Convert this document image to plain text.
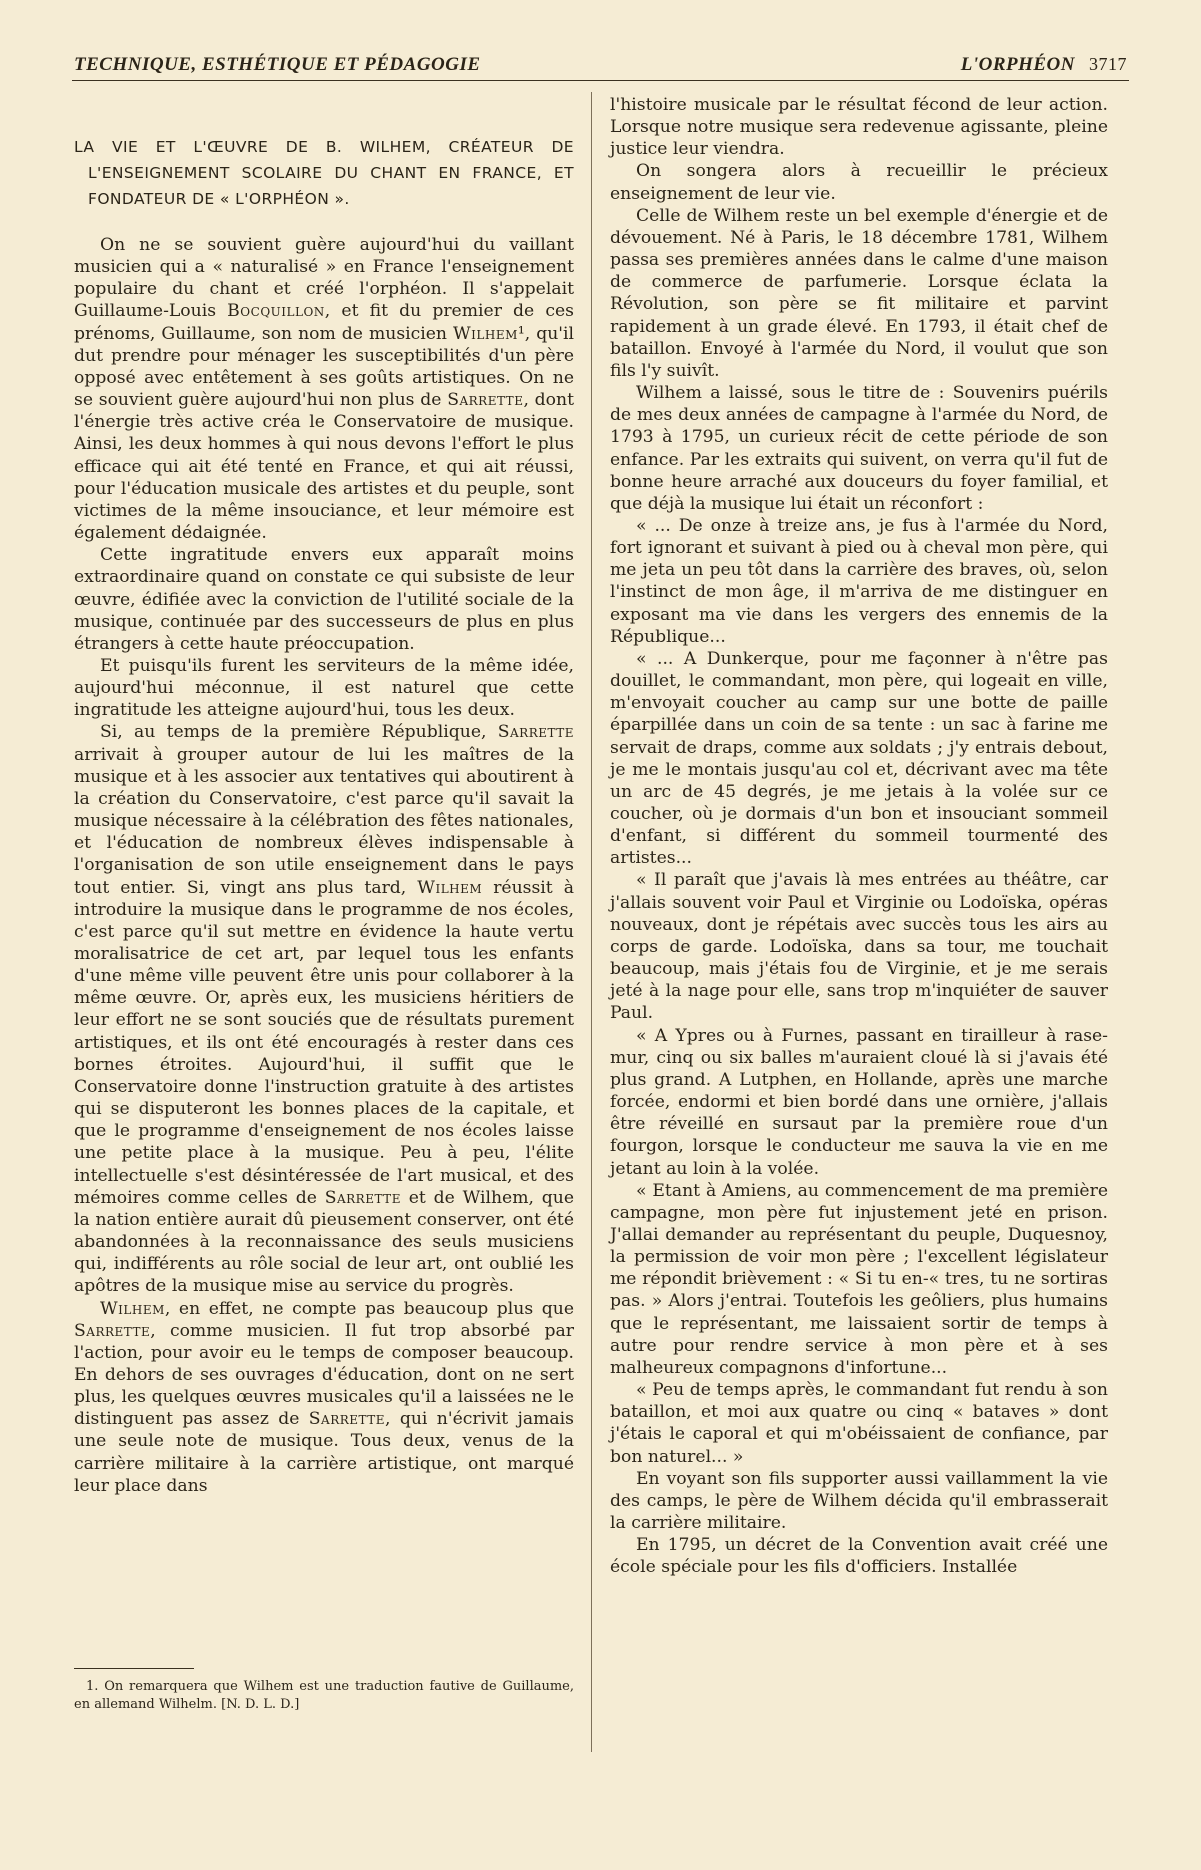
TECHNIQUE, ESTHÉTIQUE ET PÉDAGOGIE	L'ORPHÉON 3717
LA VIE ET L'ŒUVRE DE B. WILHEM, CRÉATEUR DE L'ENSEIGNEMENT SCOLAIRE DU CHANT EN FRANCE, ET FONDATEUR DE « L'ORPHÉON ».

On ne se souvient guère aujourd'hui du vaillant musicien qui a « naturalisé » en France l'enseignement populaire du chant et créé l'orphéon. Il s'appelait Guillaume-Louis Bocquillon, et fit du premier de ces prénoms, Guillaume, son nom de musicien Wilhem¹, qu'il dut prendre pour ménager les susceptibilités d'un père opposé avec entêtement à ses goûts artistiques. On ne se souvient guère aujourd'hui non plus de Sarrette, dont l'énergie très active créa le Conservatoire de musique. Ainsi, les deux hommes à qui nous devons l'effort le plus efficace qui ait été tenté en France, et qui ait réussi, pour l'éducation musicale des artistes et du peuple, sont victimes de la même insouciance, et leur mémoire est également dédaignée.

Cette ingratitude envers eux apparaît moins extraordinaire quand on constate ce qui subsiste de leur œuvre, édifiée avec la conviction de l'utilité sociale de la musique, continuée par des successeurs de plus en plus étrangers à cette haute préoccupation.

Et puisqu'ils furent les serviteurs de la même idée, aujourd'hui méconnue, il est naturel que cette ingratitude les atteigne aujourd'hui, tous les deux.

Si, au temps de la première République, Sarrette arrivait à grouper autour de lui les maîtres de la musique et à les associer aux tentatives qui aboutirent à la création du Conservatoire, c'est parce qu'il savait la musique nécessaire à la célébration des fêtes nationales, et l'éducation de nombreux élèves indispensable à l'organisation de son utile enseignement dans le pays tout entier. Si, vingt ans plus tard, Wilhem réussit à introduire la musique dans le programme de nos écoles, c'est parce qu'il sut mettre en évidence la haute vertu moralisatrice de cet art, par lequel tous les enfants d'une même ville peuvent être unis pour collaborer à la même œuvre. Or, après eux, les musiciens héritiers de leur effort ne se sont souciés que de résultats purement artistiques, et ils ont été encouragés à rester dans ces bornes étroites. Aujourd'hui, il suffit que le Conservatoire donne l'instruction gratuite à des artistes qui se disputeront les bonnes places de la capitale, et que le programme d'enseignement de nos écoles laisse une petite place à la musique. Peu à peu, l'élite intellectuelle s'est désintéressée de l'art musical, et des mémoires comme celles de Sarrette et de Wilhem, que la nation entière aurait dû pieusement conserver, ont été abandonnées à la reconnaissance des seuls musiciens qui, indifférents au rôle social de leur art, ont oublié les apôtres de la musique mise au service du progrès.

Wilhem, en effet, ne compte pas beaucoup plus que Sarrette, comme musicien. Il fut trop absorbé par l'action, pour avoir eu le temps de composer beaucoup. En dehors de ses ouvrages d'éducation, dont on ne sert plus, les quelques œuvres musicales qu'il a laissées ne le distinguent pas assez de Sarrette, qui n'écrivit jamais une seule note de musique. Tous deux, venus de la carrière militaire à la carrière artistique, ont marqué leur place dans

l'histoire musicale par le résultat fécond de leur action. Lorsque notre musique sera redevenue agissante, pleine justice leur viendra.

On songera alors à recueillir le précieux enseignement de leur vie.

Celle de Wilhem reste un bel exemple d'énergie et de dévouement. Né à Paris, le 18 décembre 1781, Wilhem passa ses premières années dans le calme d'une maison de commerce de parfumerie. Lorsque éclata la Révolution, son père se fit militaire et parvint rapidement à un grade élevé. En 1793, il était chef de bataillon. Envoyé à l'armée du Nord, il voulut que son fils l'y suivît.

Wilhem a laissé, sous le titre de : Souvenirs puérils de mes deux années de campagne à l'armée du Nord, de 1793 à 1795, un curieux récit de cette période de son enfance. Par les extraits qui suivent, on verra qu'il fut de bonne heure arraché aux douceurs du foyer familial, et que déjà la musique lui était un réconfort :

« ... De onze à treize ans, je fus à l'armée du Nord, fort ignorant et suivant à pied ou à cheval mon père, qui me jeta un peu tôt dans la carrière des braves, où, selon l'instinct de mon âge, il m'arriva de me distinguer en exposant ma vie dans les vergers des ennemis de la République...

« ... A Dunkerque, pour me façonner à n'être pas douillet, le commandant, mon père, qui logeait en ville, m'envoyait coucher au camp sur une botte de paille éparpillée dans un coin de sa tente : un sac à farine me servait de draps, comme aux soldats ; j'y entrais debout, je me le montais jusqu'au col et, décrivant avec ma tête un arc de 45 degrés, je me jetais à la volée sur ce coucher, où je dormais d'un bon et insouciant sommeil d'enfant, si différent du sommeil tourmenté des artistes...

« Il paraît que j'avais là mes entrées au théâtre, car j'allais souvent voir Paul et Virginie ou Lodoïska, opéras nouveaux, dont je répétais avec succès tous les airs au corps de garde. Lodoïska, dans sa tour, me touchait beaucoup, mais j'étais fou de Virginie, et je me serais jeté à la nage pour elle, sans trop m'inquiéter de sauver Paul.

« A Ypres ou à Furnes, passant en tirailleur à rase-mur, cinq ou six balles m'auraient cloué là si j'avais été plus grand. A Lutphen, en Hollande, après une marche forcée, endormi et bien bordé dans une ornière, j'allais être réveillé en sursaut par la première roue d'un fourgon, lorsque le conducteur me sauva la vie en me jetant au loin à la volée.

« Etant à Amiens, au commencement de ma première campagne, mon père fut injustement jeté en prison. J'allai demander au représentant du peuple, Duquesnoy, la permission de voir mon père ; l'excellent législateur me répondit brièvement : « Si tu en-« tres, tu ne sortiras pas. » Alors j'entrai. Toutefois les geôliers, plus humains que le représentant, me laissaient sortir de temps à autre pour rendre service à mon père et à ses malheureux compagnons d'infortune...

« Peu de temps après, le commandant fut rendu à son bataillon, et moi aux quatre ou cinq « bataves » dont j'étais le caporal et qui m'obéissaient de confiance, par bon naturel... »

En voyant son fils supporter aussi vaillamment la vie des camps, le père de Wilhem décida qu'il embrasserait la carrière militaire.

En 1795, un décret de la Convention avait créé une école spéciale pour les fils d'officiers. Installée

1. On remarquera que Wilhem est une traduction fautive de Guillaume, en allemand Wilhelm. [N. D. L. D.]
